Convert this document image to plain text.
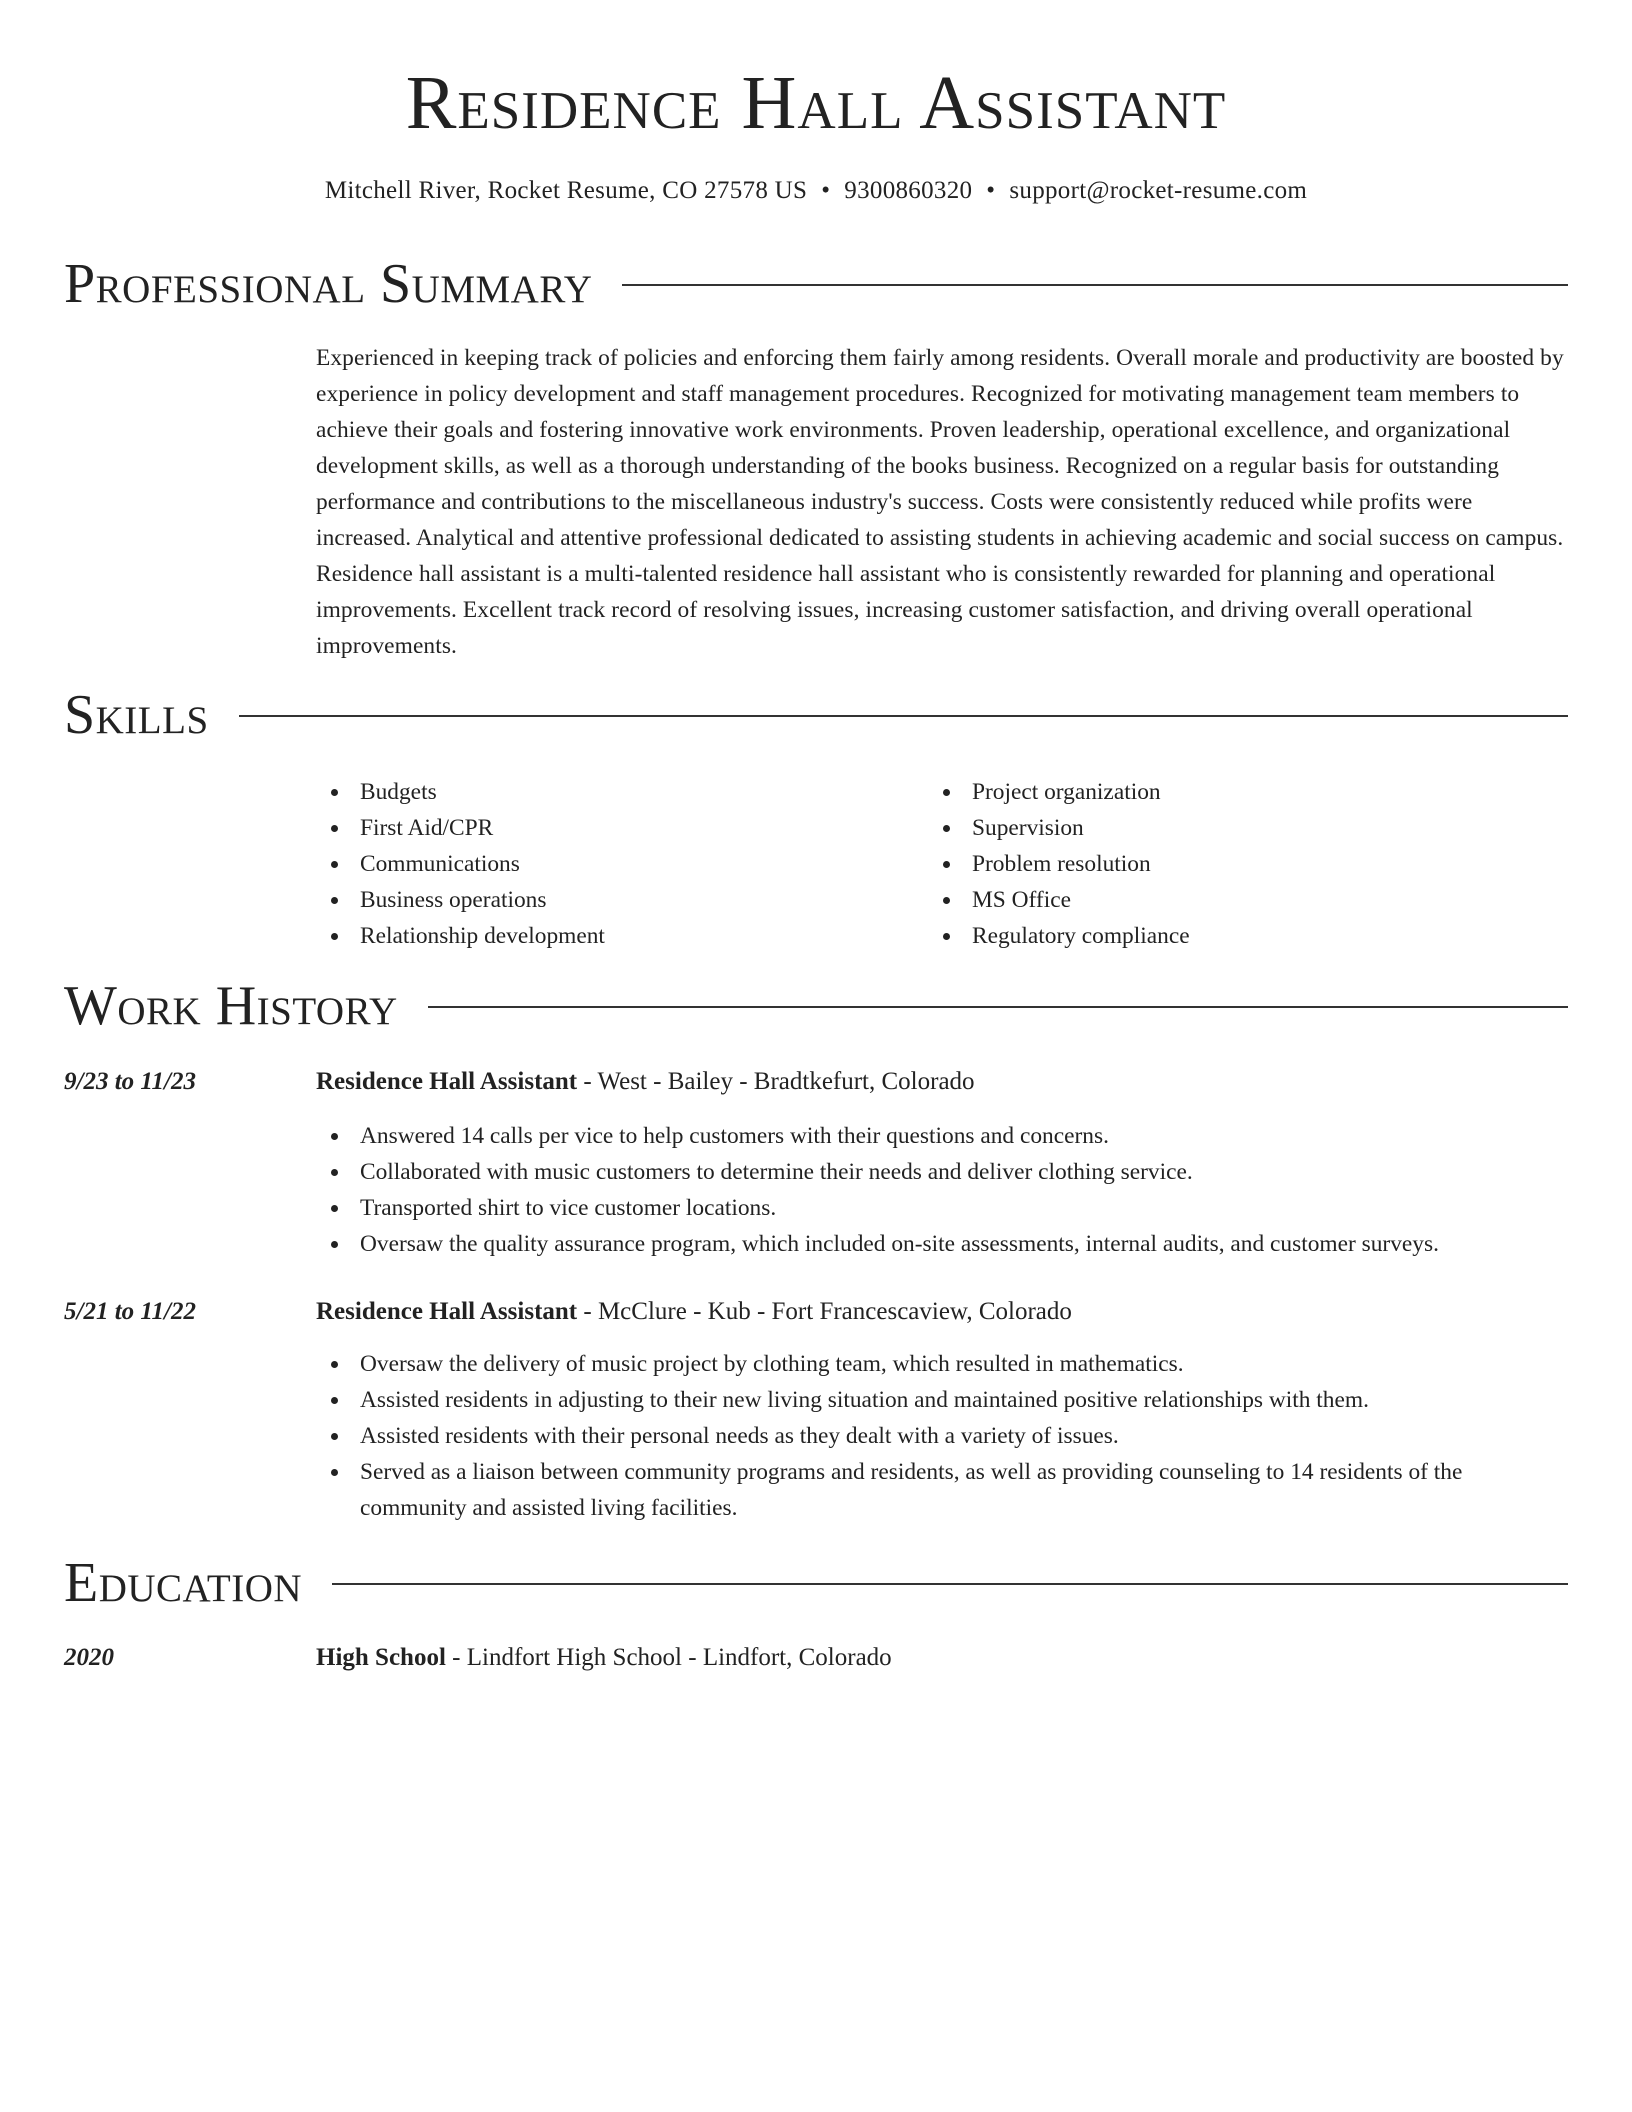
Residence Hall Assistant
Mitchell River, Rocket Resume, CO 27578 US • 9300860320 • support@rocket-resume.com
Professional Summary

Experienced in keeping track of policies and enforcing them fairly among residents. Overall morale and productivity are boosted by experience in policy development and staff management procedures. Recognized for motivating management team members to achieve their goals and fostering innovative work environments. Proven leadership, operational excellence, and organizational development skills, as well as a thorough understanding of the books business. Recognized on a regular basis for outstanding performance and contributions to the miscellaneous industry's success. Costs were consistently reduced while profits were increased. Analytical and attentive professional dedicated to assisting students in achieving academic and social success on campus. Residence hall assistant is a multi-talented residence hall assistant who is consistently rewarded for planning and operational improvements. Excellent track record of resolving issues, increasing customer satisfaction, and driving overall operational improvements.

Skills
Budgets
First Aid/CPR
Communications
Business operations
Relationship development
Project organization
Supervision
Problem resolution
MS Office
Regulatory compliance
Work History
9/23 to 11/23	Residence Hall Assistant - West - Bailey - Bradtkefurt, Colorado
Answered 14 calls per vice to help customers with their questions and concerns.
Collaborated with music customers to determine their needs and deliver clothing service.
Transported shirt to vice customer locations.
Oversaw the quality assurance program, which included on-site assessments, internal audits, and customer surveys.
5/21 to 11/22	Residence Hall Assistant - McClure - Kub - Fort Francescaview, Colorado
Oversaw the delivery of music project by clothing team, which resulted in mathematics.
Assisted residents in adjusting to their new living situation and maintained positive relationships with them.
Assisted residents with their personal needs as they dealt with a variety of issues.
Served as a liaison between community programs and residents, as well as providing counseling to 14 residents of the community and assisted living facilities.
Education
2020	High School - Lindfort High School - Lindfort, Colorado
